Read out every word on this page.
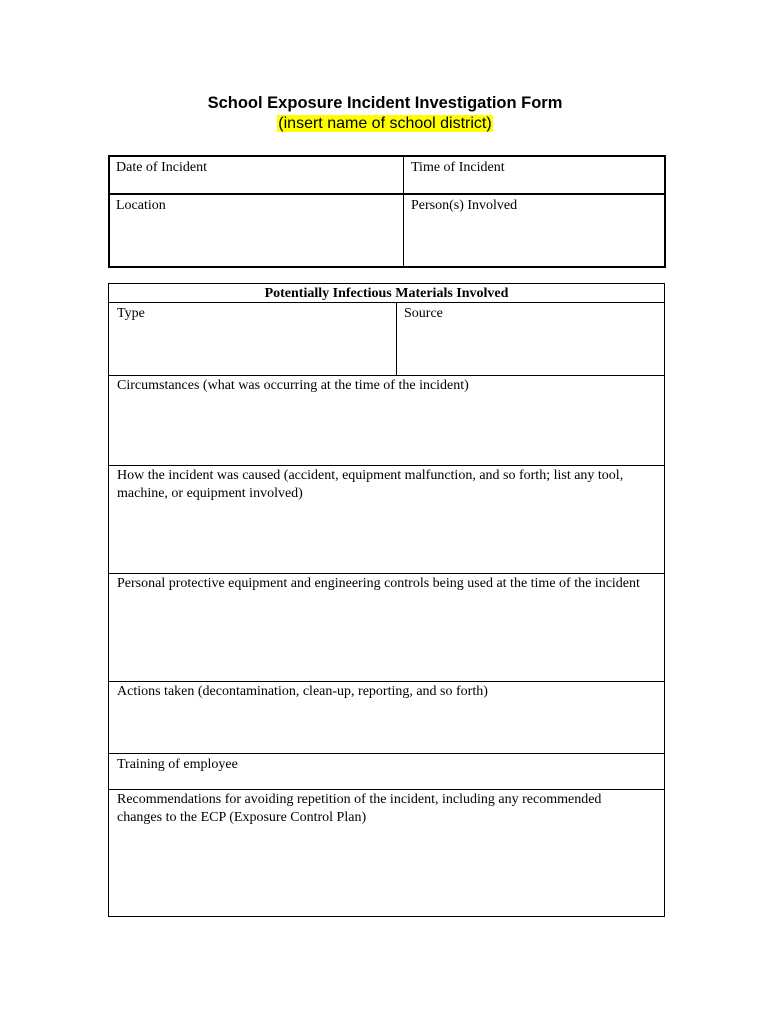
School Exposure Incident Investigation Form
(insert name of school district)
Date of Incident	Time of Incident
Location	Person(s) Involved
Potentially Infectious Materials Involved
Type	Source
Circumstances (what was occurring at the time of the incident)
How the incident was caused (accident, equipment malfunction, and so forth; list any tool, machine, or equipment involved)
Personal protective equipment and engineering controls being used at the time of the incident
Actions taken (decontamination, clean-up, reporting, and so forth)
Training of employee
Recommendations for avoiding repetition of the incident, including any recommended changes to the ECP (Exposure Control Plan)
